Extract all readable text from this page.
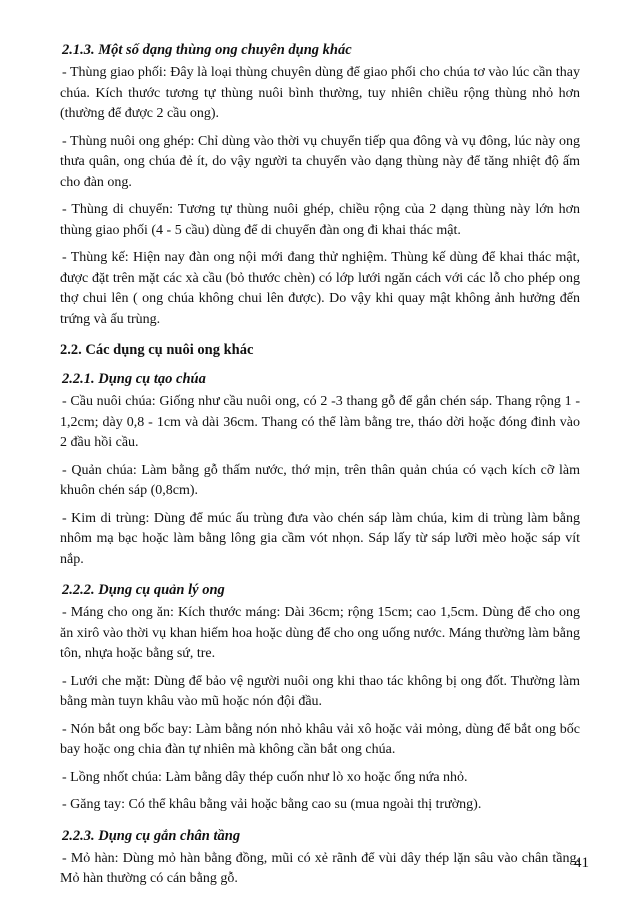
2.1.3. Một số dạng thùng ong chuyên dụng khác

- Thùng giao phối: Đây là loại thùng chuyên dùng để giao phối cho chúa tơ vào lúc cần thay chúa. Kích thước tương tự thùng nuôi bình thường, tuy nhiên chiều rộng thùng nhỏ hơn (thường để được 2 cầu ong).

- Thùng nuôi ong ghép: Chỉ dùng vào thời vụ chuyển tiếp qua đông và vụ đông, lúc này ong thưa quân, ong chúa đẻ ít, do vậy người ta chuyển vào dạng thùng này để tăng nhiệt độ ấm cho đàn ong.

- Thùng di chuyển: Tương tự thùng nuôi ghép, chiều rộng của 2 dạng thùng này lớn hơn thùng giao phối (4 - 5 cầu) dùng để di chuyển đàn ong đi khai thác mật.

- Thùng kế: Hiện nay đàn ong nội mới đang thử nghiệm. Thùng kế dùng để khai thác mật, được đặt trên mặt các xà cầu (bỏ thước chèn) có lớp lưới ngăn cách với các lỗ cho phép ong thợ chui lên ( ong chúa không chui lên được). Do vậy khi quay mật không ảnh hưởng đến trứng và ấu trùng.

2.2. Các dụng cụ nuôi ong khác
2.2.1. Dụng cụ tạo chúa

- Cầu nuôi chúa: Giống như cầu nuôi ong, có 2 -3 thang gỗ để gắn chén sáp. Thang rộng 1 - 1,2cm; dày 0,8 - 1cm và dài 36cm. Thang có thể làm bằng tre, tháo dời hoặc đóng đinh vào 2 đầu hồi cầu.

- Quản chúa: Làm bằng gỗ thấm nước, thớ mịn, trên thân quản chúa có vạch kích cỡ làm khuôn chén sáp (0,8cm).

- Kim di trùng: Dùng để múc ấu trùng đưa vào chén sáp làm chúa, kim di trùng làm bằng nhôm mạ bạc hoặc làm bằng lông gia cầm vót nhọn. Sáp lấy từ sáp lưỡi mèo hoặc sáp vít nắp.

2.2.2. Dụng cụ quản lý ong

- Máng cho ong ăn: Kích thước máng: Dài 36cm; rộng 15cm; cao 1,5cm. Dùng để cho ong ăn xirô vào thời vụ khan hiếm hoa hoặc dùng để cho ong uống nước. Máng thường làm bằng tôn, nhựa hoặc bằng sứ, tre.

- Lưới che mặt: Dùng để bảo vệ người nuôi ong khi thao tác không bị ong đốt. Thường làm bằng màn tuyn khâu vào mũ hoặc nón đội đầu.

- Nón bắt ong bốc bay: Làm bằng nón nhỏ khâu vải xô hoặc vải mỏng, dùng để bắt ong bốc bay hoặc ong chia đàn tự nhiên mà không cần bắt ong chúa.

- Lồng nhốt chúa: Làm bằng dây thép cuốn như lò xo hoặc ống nứa nhỏ.

- Găng tay: Có thể khâu bằng vải hoặc bằng cao su (mua ngoài thị trường).

2.2.3. Dụng cụ gắn chân tầng

- Mỏ hàn: Dùng mỏ hàn bằng đồng, mũi có xẻ rãnh để vùi dây thép lặn sâu vào chân tầng. Mỏ hàn thường có cán bằng gỗ.

41
